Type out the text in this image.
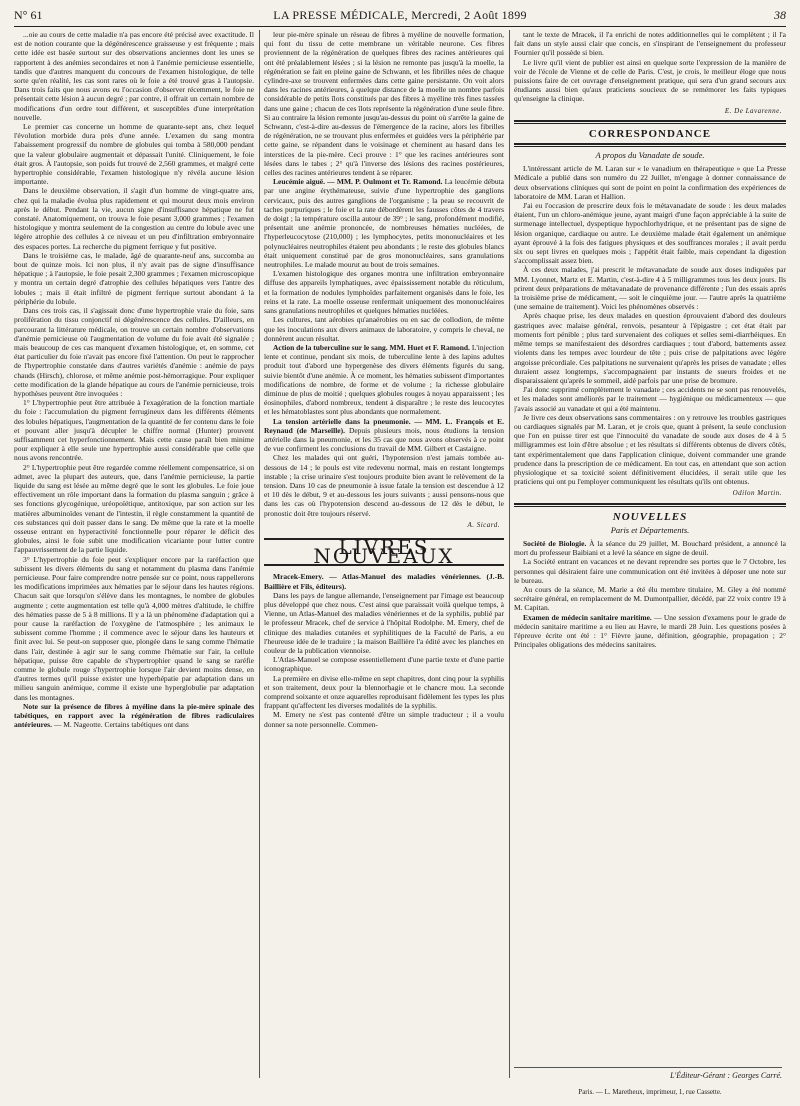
N° 61	LA PRESSE MÉDICALE, Mercredi, 2 Août 1899	38

...oie au cours de cette maladie n'a pas encore été précisé avec exactitude. Il est de notion courante que la dégénérescence graisseuse y est fréquente ; mais cette idée est basée surtout sur des observations anciennes dont les unes se rapportent à des anémies secondaires et non à l'anémie pernicieuse essentielle, tandis que d'autres manquent du concours de l'examen histologique, de telle sorte qu'en réalité, les cas sont rares où le foie a été trouvé gras à l'autopsie. Dans trois faits que nous avons eu l'occasion d'observer récemment, le foie ne présentait cette lésion à aucun degré ; par contre, il offrait un certain nombre de modifications d'un ordre tout différent, et susceptibles d'une interprétation nouvelle.

Le premier cas concerne un homme de quarante-sept ans, chez lequel l'évolution morbide dura près d'une année. L'examen du sang montra l'abaissement progressif du nombre de globules qui tomba à 580,000 pendant que la valeur globulaire augmentait et dépassait l'unité. Cliniquement, le foie était gros. À l'autopsie, son poids fut trouvé de 2,560 grammes, et malgré cette hypertrophie considérable, l'examen histologique n'y révéla aucune lésion importante.

Dans le deuxième observation, il s'agit d'un homme de vingt-quatre ans, chez qui la maladie évolua plus rapidement et qui mourut deux mois environ après le début. Pendant la vie, aucun signe d'insuffisance hépatique ne fut constaté. Anatomiquement, on trouva le foie pesant 3,000 grammes ; l'examen histologique y montra seulement de la congestion au centre du lobule avec une légère atrophie des cellules à ce niveau et un peu d'infiltration embryonnaire des espaces portes. La recherche du pigment ferrique y fut positive.

Dans le troisième cas, le malade, âgé de quarante-neuf ans, succomba au bout de quinze mois. Ici non plus, il n'y avait pas de signe d'insuffisance hépatique ; à l'autopsie, le foie pesait 2,300 grammes ; l'examen microscopique y montra un certain degré d'atrophie des cellules hépatiques vers l'antre des lobules ; mais il était infiltré de pigment ferrique surtout abondant à la périphérie du lobule.

Dans ces trois cas, il s'agissait donc d'une hypertrophie vraie du foie, sans prolifération du tissu conjonctif ni dégénérescence des cellules. D'ailleurs, en parcourant la littérature médicale, on trouve un certain nombre d'observations d'anémie pernicieuse où l'augmentation de volume du foie avait été signalée ; mais beaucoup de ces cas manquent d'examen histologique, et, en somme, cet état particulier du foie n'avait pas encore fixé l'attention. On peut le rapprocher de l'hypertrophie constatée dans d'autres variétés d'anémie : anémie de pays chauds (Hirsch), chlorose, et même anémie post-hémorragique. Pour expliquer cette modification de la glande hépatique au cours de l'anémie pernicieuse, trois hypothèses peuvent être invoquées :

1° L'hypertrophie peut être attribuée à l'exagération de la fonction martiale du foie : l'accumulation du pigment ferrugineux dans les différents éléments des lobules hépatiques, l'augmentation de la quantité de fer contenu dans le foie et pouvant aller jusqu'à décupler le chiffre normal (Hunter) prouvent suffisamment cet hyperfonctionnement. Mais cette cause paraît bien minime pour expliquer à elle seule une hypertrophie aussi considérable que celle que nous avons rencontrée.

2° L'hypertrophie peut être regardée comme réellement compensatrice, si on admet, avec la plupart des auteurs, que, dans l'anémie pernicieuse, la partie liquide du sang est lésée au même degré que le sont les globules. Le foie joue effectivement un rôle important dans la formation du plasma sanguin ; grâce à ses fonctions glycogénique, uréopoïétique, antitoxique, par son action sur les matières albuminoïdes venant de l'intestin, il règle constamment la quantité de ces substances qui doit passer dans le sang. De même que la rate et la moelle osseuse entrant en hyperactivité fonctionnelle pour réparer le déficit des globules, ainsi le foie subit une modification vicariante pour lutter contre l'appauvrissement de la partie liquide.

3° L'hypertrophie du foie peut s'expliquer encore par la raréfaction que subissent les divers éléments du sang et notamment du plasma dans l'anémie pernicieuse. Pour faire comprendre notre pensée sur ce point, nous rappellerons les modifications imprimées aux hématies par le séjour dans les hautes régions. Chacun sait que lorsqu'on s'élève dans les montagnes, le nombre de globules augmente ; cette augmentation est telle qu'à 4,000 mètres d'altitude, le chiffre des hématies passe de 5 à 8 millions. Il y a là un phénomène d'adaptation qui a pour cause la raréfaction de l'oxygène de l'atmosphère ; les animaux le subissent comme l'homme ; il commence avec le séjour dans les hauteurs et finit avec lui. Se peut-on supposer que, plongée dans le sang comme l'hématie dans l'air, destinée à agir sur le sang comme l'hématie sur l'air, la cellule hépatique, puisse être capable de s'hypertrophier quand le sang se raréfie comme le globule rouge s'hypertrophie lorsque l'air devient moins dense, en d'autres termes qu'il puisse exister une hyperhépatie par adaptation dans un milieu sanguin anémique, comme il existe une hyperglobulie par adaptation dans les montagnes.

Note sur la présence de fibres à myéline dans la pie-mère spinale des tabétiques, en rapport avec la régénération de fibres radiculaires antérieures. — M. Nageotte. Certains tabétiques ont dans

leur pie-mère spinale un réseau de fibres à myéline de nouvelle formation, qui font du tissu de cette membrane un véritable neurone. Ces fibres proviennent de la régénération de quelques fibres des racines antérieures qui ont été préalablement lésées ; si la lésion ne remonte pas jusqu'à la moelle, la régénération se fait en pleine gaine de Schwann, et les fibrilles nées de chaque cylindre-axe se trouvent enfermées dans cette gaine persistante. On voit alors dans les racines antérieures, à quelque distance de la moelle un nombre parfois considérable de petits îlots constitués par des fibres à myéline très fines tassées dans une gaine ; chacun de ces îlots représente la régénération d'une seule fibre. Si au contraire la lésion remonte jusqu'au-dessus du point où s'arrête la gaine de Schwann, c'est-à-dire au-dessus de l'émergence de la racine, alors les fibrilles de régénération, ne se trouvant plus enfermées et guidées vers la périphérie par cette gaine, se répandent dans le voisinage et cheminent au hasard dans les interstices de la pie-mère. Ceci prouve : 1° que les racines antérieures sont lésées dans le tabes ; 2° qu'à l'inverse des lésions des racines postérieures, celles des racines antérieures tendent à se réparer.

Leucémie aiguë. — MM. P. Oulmont et Tr. Ramond. La leucémie débuta par une angine érythémateuse, suivie d'une hypertrophie des ganglions cervicaux, puis des autres ganglions de l'organisme ; la peau se recouvrit de taches purpuriques ; le foie et la rate débordèrent les fausses côtes de 4 travers de doigt ; la température oscilla autour de 39° ; le sang, profondément modifié, présentait une anémie prononcée, de nombreuses hématies nucléées, de l'hyperleucocytose (210,000) ; les lymphocytes, petits mononucléaires et les polynucléaires neutrophiles étaient peu abondants ; le reste des globules blancs était uniquement constitué par de gros mononucléaires, sans granulations neutrophiles. Le malade mourut au bout de trois semaines.

L'examen histologique des organes montra une infiltration embryonnaire diffuse des appareils lymphatiques, avec épaississement notable du réticulum, et la formation de nodules lymphoïdes parfaitement organisés dans le foie, les reins et la rate. La moelle osseuse renfermait uniquement des mononucléaires sans granulations neutrophiles et quelques hématies nucléées.

Les cultures, tant aérobies qu'anaérobies ou en sac de collodion, de même que les inoculations aux divers animaux de laboratoire, y compris le cheval, ne donnèrent aucun résultat.

Action de la tuberculine sur le sang. MM. Huet et F. Ramond. L'injection lente et continue, pendant six mois, de tuberculine lente à des lapins adultes produit tout d'abord une hypergenèse des divers éléments figurés du sang, suivie bientôt d'une anémie. À ce moment, les hématies subissent d'importantes modifications de nombre, de forme et de volume ; la richesse globulaire diminue de plus de moitié ; quelques globules rouges à noyau apparaissent ; les éosinophiles, d'abord nombreux, tendent à disparaître ; le reste des leucocytes et les hématoblastes sont plus abondants que normalement.

La tension artérielle dans la pneumonie. — MM. L. François et E. Reynaud (de Marseille). Depuis plusieurs mois, nous étudions la tension artérielle dans la pneumonie, et les 35 cas que nous avons observés à ce point de vue confirment les conclusions du travail de MM. Gilbert et Castaigne.

Chez les malades qui ont guéri, l'hypotension n'est jamais tombée au-dessous de 14 ; le pouls est vite redevenu normal, mais en restant longtemps instable ; la crise urinaire s'est toujours produite bien avant le relèvement de la tension. Dans 10 cas de pneumonie à issue fatale la tension est descendue à 12 et 10 dès le début, 9 et au-dessous les jours suivants ; aussi pensons-nous que dans les cas où l'hypotension descend au-dessous de 12 dès le début, le pronostic doit être toujours réservé.

A. Sicard.
LIVRES NOUVEAUX

Mracek-Emery. — Atlas-Manuel des maladies vénériennes. (J.-B. Baillière et Fils, éditeurs).

Dans les pays de langue allemande, l'enseignement par l'image est beaucoup plus développé que chez nous. C'est ainsi que paraissait voilà quelque temps, à Vienne, un Atlas-Manuel des maladies vénériennes et de la syphilis, publié par le professeur Mracek, chef de service à l'hôpital Rodolphe. M. Emery, chef de clinique des maladies cutanées et syphilitiques de la Faculté de Paris, a eu l'heureuse idée de le traduire ; la maison Baillière l'a édité avec les planches en couleur de la publication viennoise.

L'Atlas-Manuel se compose essentiellement d'une partie texte et d'une partie iconographique.

La première en divise elle-même en sept chapitres, dont cinq pour la syphilis et son traitement, deux pour la blennorhagie et le chancre mou. La seconde comprend soixante et onze aquarelles reproduisant fidèlement les types les plus frappant qu'affectent les diverses modalités de la syphilis.

M. Emery ne s'est pas contenté d'être un simple traducteur ; il a voulu donner sa note personnelle. Commen-

tant le texte de Mracek, il l'a enrichi de notes additionnelles qui le complètent ; il l'a fait dans un style aussi clair que concis, en s'inspirant de l'enseignement du professeur Fournier qu'il possède si bien.

Le livre qu'il vient de publier est ainsi en quelque sorte l'expression de la manière de voir de l'école de Vienne et de celle de Paris. C'est, je crois, le meilleur éloge que nous puissions faire de cet ouvrage d'enseignement pratique, qui sera d'un grand secours aux étudiants aussi bien qu'aux praticiens soucieux de se remémorer les faits typiques qu'enseigne la clinique.

E. De Lavarenne.
CORRESPONDANCE
A propos du Vanadate de soude.

L'intéressant article de M. Laran sur « le vanadium en thérapeutique » que La Presse Médicale a publié dans son numéro du 22 Juillet, m'engage à donner connaissance de deux observations cliniques qui sont de point en point la confirmation des expériences de laboratoire de MM. Laran et Hallion.

J'ai eu l'occasion de prescrire deux fois le métavanadate de soude : les deux malades étaient, l'un un chloro-anémique jeune, ayant maigri d'une façon appréciable à la suite de surmenage intellectuel, dyspeptique hypochlorhydrique, et ne présentant pas de signe de lésion organique, cardiaque ou autre. Le deuxième malade était également un anémique ayant éprouvé à la fois des fatigues physiques et des souffrances morales ; il avait perdu six ou sept livres en quelques mois ; l'appétit était faible, mais cependant la digestion s'accomplissait assez bien.

À ces deux malades, j'ai prescrit le métavanadate de soude aux doses indiquées par MM. Lyonnet, Martz et E. Martin, c'est-à-dire 4 à 5 milligrammes tous les deux jours. Ils prirent deux préparations de métavanadate de provenance différente ; l'un des essais après la troisième prise de médicament, — soit le cinquième jour. — l'autre après la quatrième (une semaine de traitement). Voici les phénomènes observés :

Après chaque prise, les deux malades en question éprouvaient d'abord des douleurs gastriques avec malaise général, renvois, pesanteur à l'épigastre ; cet état était par moments fort pénible ; plus tard survenaient des coliques et selles semi-diarrhéiques. En même temps se manifestaient des désordres cardiaques ; tout d'abord, battements assez violents dans les tempes avec lourdeur de tête ; puis crise de palpitations avec légère angoisse précordiale. Ces palpitations ne survenaient qu'après les prises de vanadate ; elles duraient assez longtemps, s'accompagnaient par instants de sueurs froides et ne disparaissaient qu'après le sommeil, aidé parfois par une prise de bromure.

J'ai donc supprimé complètement le vanadate ; ces accidents ne se sont pas renouvelés, et les malades sont améliorés par le traitement — hygiénique ou médicamenteux — que j'avais associé au vanadate et qui a été maintenu.

Je livre ces deux observations sans commentaires : on y retrouve les troubles gastriques ou cardiaques signalés par M. Laran, et je crois que, quant à présent, la seule conclusion que l'on en puisse tirer est que l'innocuité du vanadate de soude aux doses de 4 à 5 milligrammes est loin d'être absolue ; et les résultats si différents obtenus de divers côtés, tant expérimentalement que dans l'application clinique, doivent commander une grande prudence dans la prescription de ce médicament. En tout cas, en attendant que son action physiologique et sa toxicité soient définitivement élucidées, il serait utile que les praticiens qui ont pu l'employer communiquent les résultats qu'ils ont obtenus.

Odilon Martin.
NOUVELLES
Paris et Départements.

Société de Biologie. À la séance du 29 juillet, M. Bouchard président, a annoncé la mort du professeur Baibiani et a levé la séance en signe de deuil.

La Société entrant en vacances et ne devant reprendre ses portes que le 7 Octobre, les personnes qui désiraient faire une communication ont été invitées à déposer une note sur le bureau.

Au cours de la séance, M. Marie a été élu membre titulaire, M. Gley a été nommé secrétaire général, en remplacement de M. Dumontpallier, décédé, par 22 voix contre 19 à M. Capitan.

Examen de médecin sanitaire maritime. — Une session d'examens pour le grade de médecin sanitaire maritime a eu lieu au Havre, le mardi 28 Juin. Les questions posées à l'épreuve écrite ont été : 1° Fièvre jaune, définition, géographie, propagation ; 2° Principales obligations des médecins sanitaires.

L'Éditeur-Gérant : Georges Carré.
Paris. — L. Maretheux, imprimeur, 1, rue Cassette.
